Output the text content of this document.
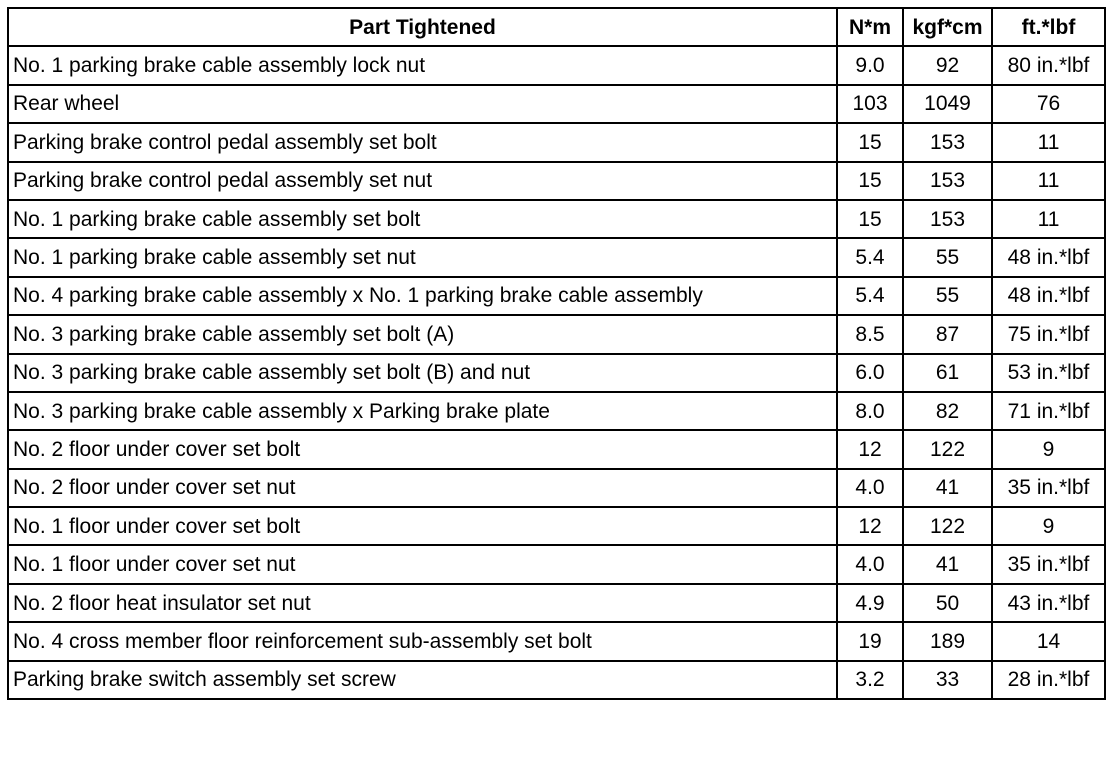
Part Tightened	N*m	kgf*cm	ft.*lbf
No. 1 parking brake cable assembly lock nut	9.0	92	80 in.*lbf
Rear wheel	103	1049	76
Parking brake control pedal assembly set bolt	15	153	11
Parking brake control pedal assembly set nut	15	153	11
No. 1 parking brake cable assembly set bolt	15	153	11
No. 1 parking brake cable assembly set nut	5.4	55	48 in.*lbf
No. 4 parking brake cable assembly x No. 1 parking brake cable assembly	5.4	55	48 in.*lbf
No. 3 parking brake cable assembly set bolt (A)	8.5	87	75 in.*lbf
No. 3 parking brake cable assembly set bolt (B) and nut	6.0	61	53 in.*lbf
No. 3 parking brake cable assembly x Parking brake plate	8.0	82	71 in.*lbf
No. 2 floor under cover set bolt	12	122	9
No. 2 floor under cover set nut	4.0	41	35 in.*lbf
No. 1 floor under cover set bolt	12	122	9
No. 1 floor under cover set nut	4.0	41	35 in.*lbf
No. 2 floor heat insulator set nut	4.9	50	43 in.*lbf
No. 4 cross member floor reinforcement sub-assembly set bolt	19	189	14
Parking brake switch assembly set screw	3.2	33	28 in.*lbf
